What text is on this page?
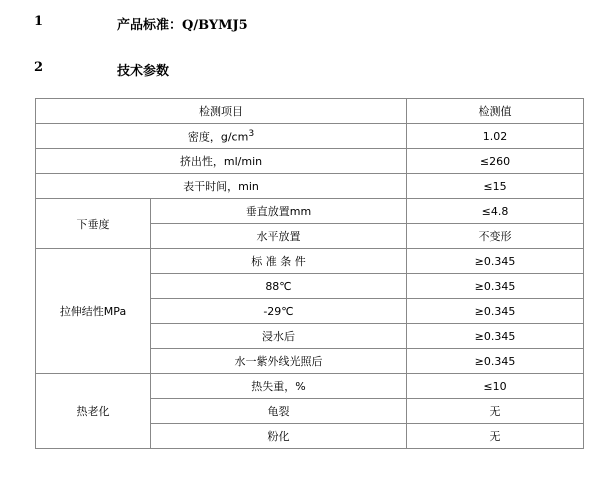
1	产品标准：Q/BYMJ5
2	技术参数
检测项目		检测值
密度，$g/cm^3$		1.02
挤出性，ml/min		≤260
表干时间，min		≤15
下垂度	垂直放置mm	≤4.8
	水平放置	不变形
拉伸结性MPa	标 准 条 件	≥0.345
	88℃	≥0.345
	-29℃	≥0.345
	浸水后	≥0.345
	水一紫外线光照后	≥0.345
热老化	热失重，%	≤10
	龟裂	无
	粉化	无
